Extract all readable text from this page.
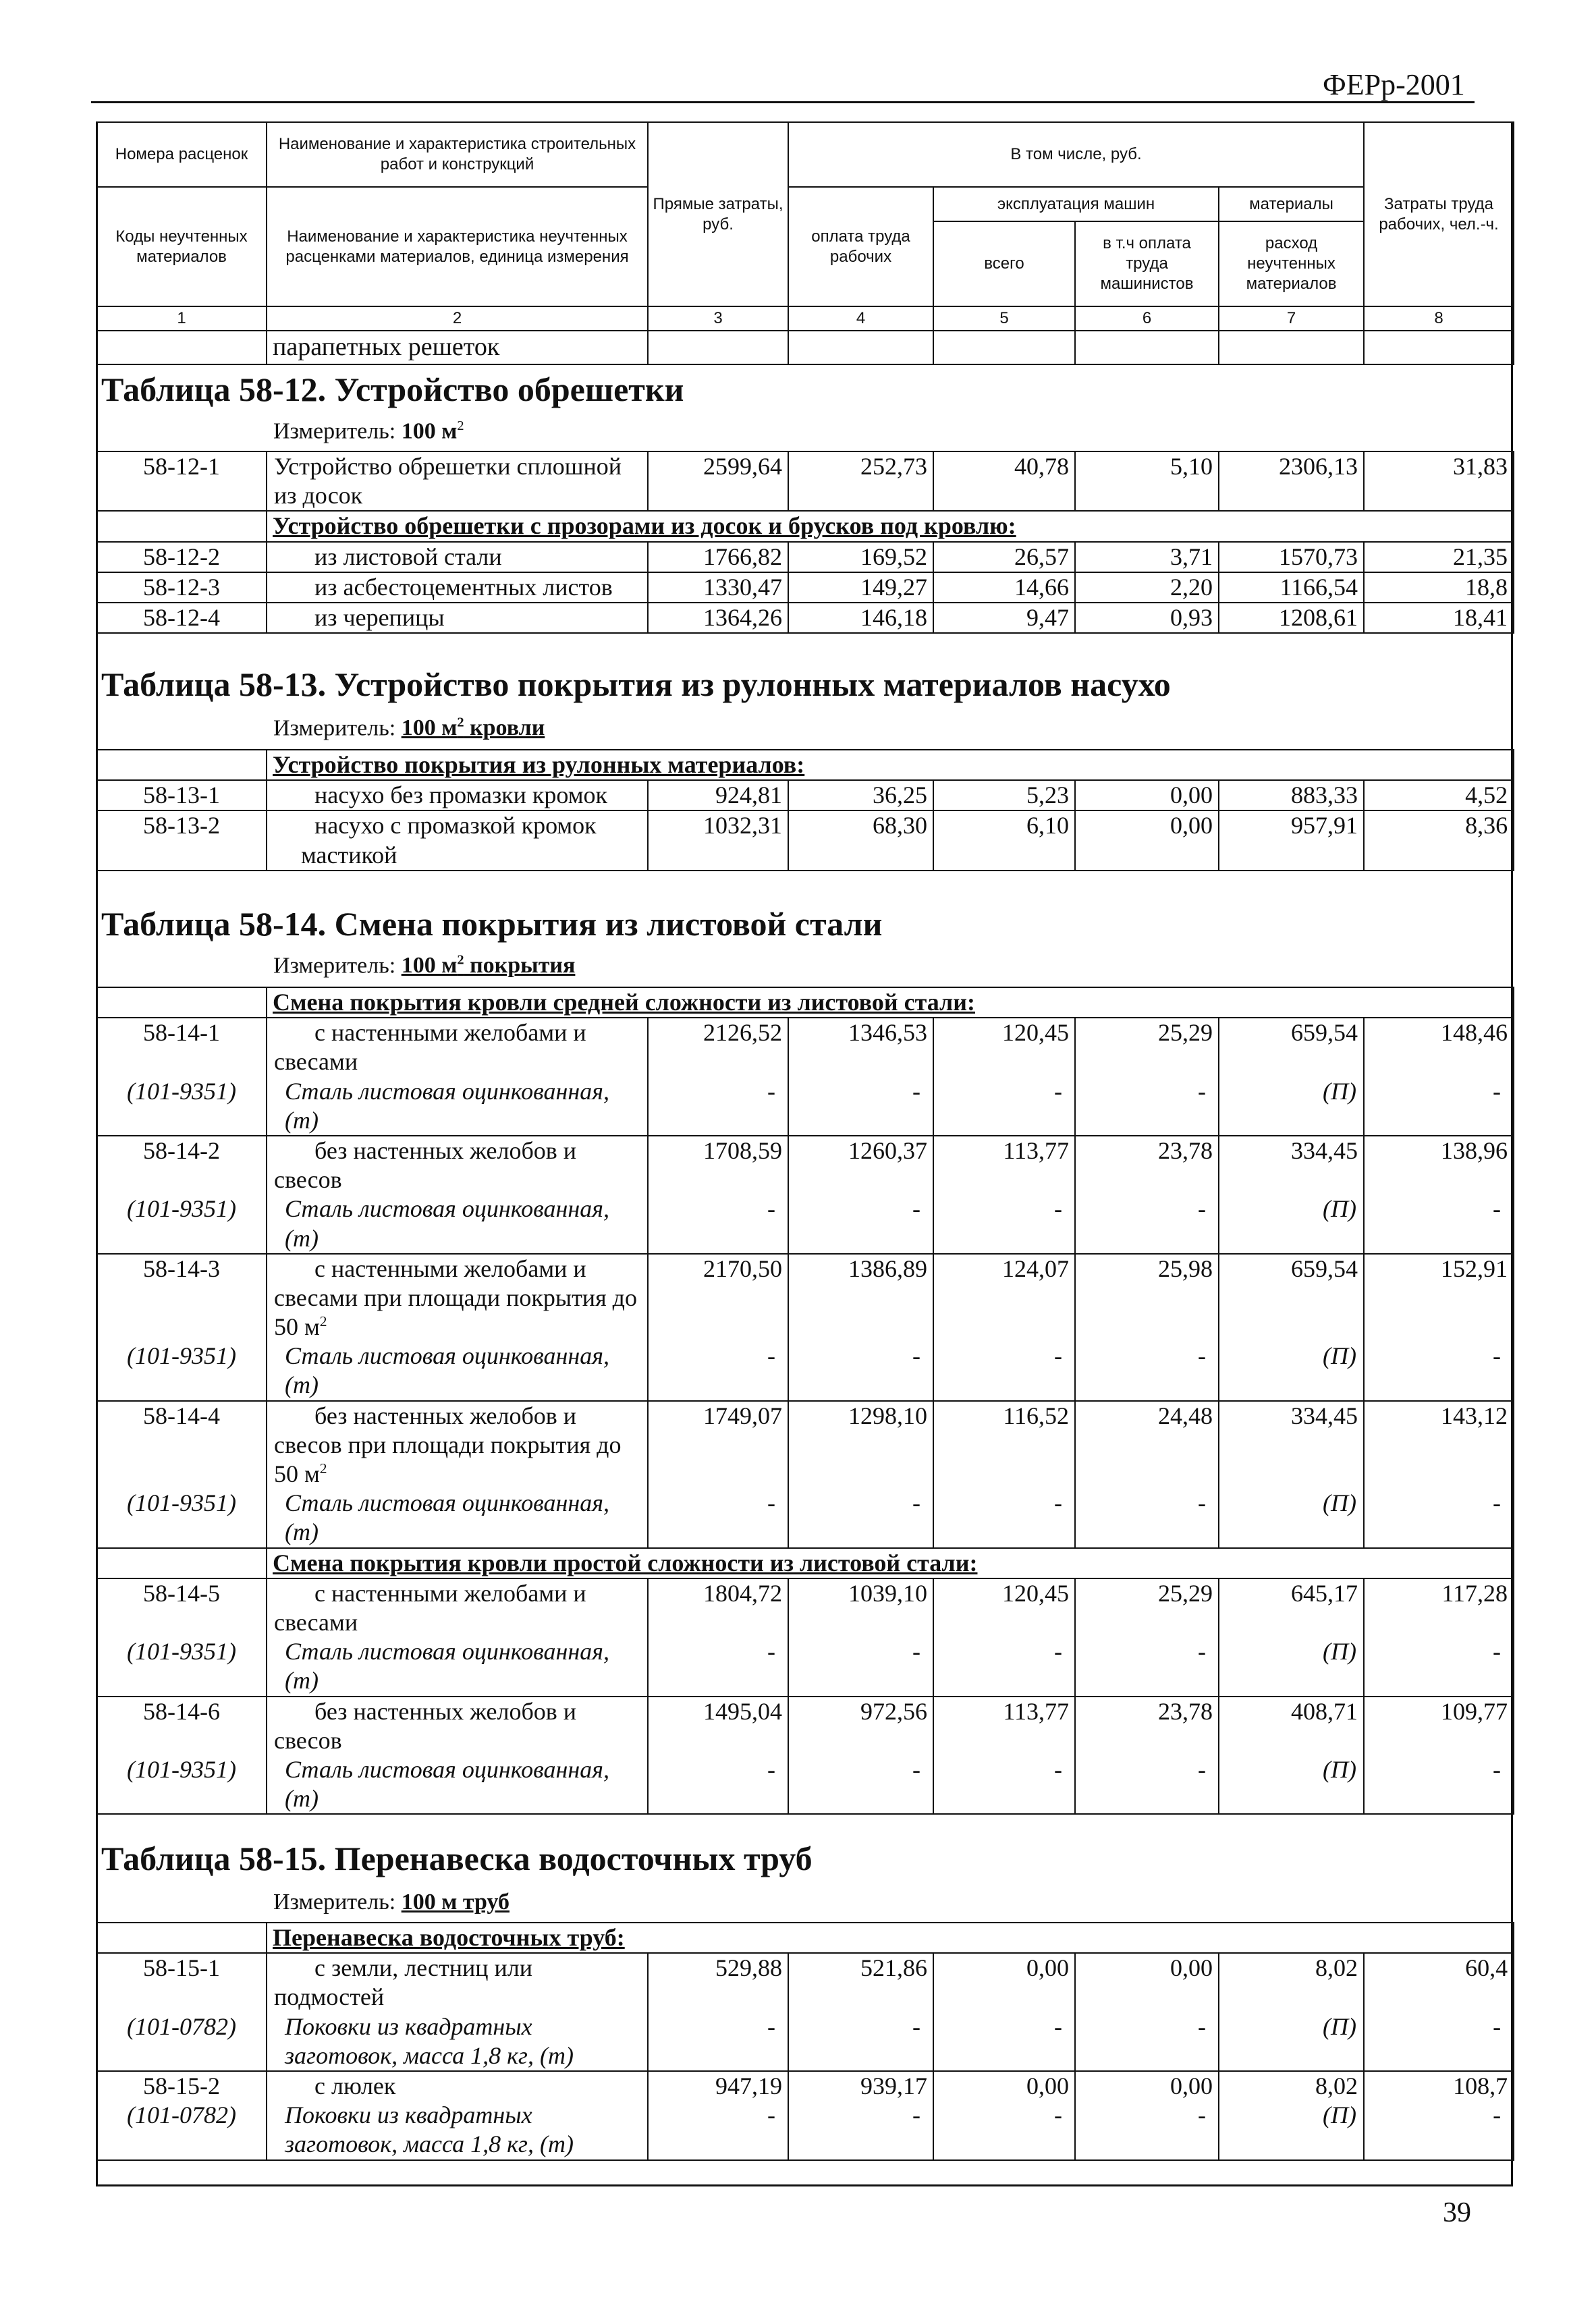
ФЕРр-2001
Номера расценок	Наименование и характеристика строительных работ и конструкций	Прямые затраты, руб.	В том числе, руб.				Затраты труда рабочих, чел.-ч.
Коды неучтенных материалов	Наименование и характеристика неучтенных расценками материалов, единица измерения		оплата труда рабочих	эксплуатация машин		материалы	
				всего	в т.ч оплата труда машинистов	расход неучтенных материалов	
1	2	3	4	5	6	7	8
	парапетных решеток						
Таблица 58-12. Устройство обрешетки
Измеритель: 100 $м^2$
58-12-1	Устройство обрешетки сплошной из досок	2599,64	252,73	40,78	5,10	2306,13	31,83
	Устройство обрешетки с прозорами из досок и брусков под кровлю:						
58-12-2	из листовой стали	1766,82	169,52	26,57	3,71	1570,73	21,35
58-12-3	из асбестоцементных листов	1330,47	149,27	14,66	2,20	1166,54	18,8
58-12-4	из черепицы	1364,26	146,18	9,47	0,93	1208,61	18,41
Таблица 58-13. Устройство покрытия из рулонных материалов насухо
Измеритель: 100 $м^2$ кровли
	Устройство покрытия из рулонных материалов:						
58-13-1	насухо без промазки кромок	924,81	36,25	5,23	0,00	883,33	4,52
58-13-2	насухо с промазкой кромок мастикой	1032,31	68,30	6,10	0,00	957,91	8,36
Таблица 58-14. Смена покрытия из листовой стали
Измеритель: 100 $м^2$ покрытия
	Смена покрытия кровли средней сложности из листовой стали:						
58-14-1	с настенными желобами и свесами	2126,52	1346,53	120,45	25,29	659,54	148,46
(101-9351)	Сталь листовая оцинкованная, (т)	-	-	-	-	(П)	-
58-14-2	без настенных желобов и свесов	1708,59	1260,37	113,77	23,78	334,45	138,96
(101-9351)	Сталь листовая оцинкованная, (т)	-	-	-	-	(П)	-
58-14-3	с настенными желобами и свесами при площади покрытия до 50 $м^2$	2170,50	1386,89	124,07	25,98	659,54	152,91
(101-9351)	Сталь листовая оцинкованная, (т)	-	-	-	-	(П)	-
58-14-4	без настенных желобов и свесов при площади покрытия до 50 $м^2$	1749,07	1298,10	116,52	24,48	334,45	143,12
(101-9351)	Сталь листовая оцинкованная, (т)	-	-	-	-	(П)	-
	Смена покрытия кровли простой сложности из листовой стали:						
58-14-5	с настенными желобами и свесами	1804,72	1039,10	120,45	25,29	645,17	117,28
(101-9351)	Сталь листовая оцинкованная, (т)	-	-	-	-	(П)	-
58-14-6	без настенных желобов и свесов	1495,04	972,56	113,77	23,78	408,71	109,77
(101-9351)	Сталь листовая оцинкованная, (т)	-	-	-	-	(П)	-
Таблица 58-15. Перенавеска водосточных труб
Измеритель: 100 м труб
	Перенавеска водосточных труб:						
58-15-1	с земли, лестниц или подмостей	529,88	521,86	0,00	0,00	8,02	60,4
(101-0782)	Поковки из квадратных заготовок, масса 1,8 кг, (т)	-	-	-	-	(П)	-
58-15-2	с люлек	947,19	939,17	0,00	0,00	8,02	108,7
(101-0782)	Поковки из квадратных заготовок, масса 1,8 кг, (т)	-	-	-	-	(П)	-
39
